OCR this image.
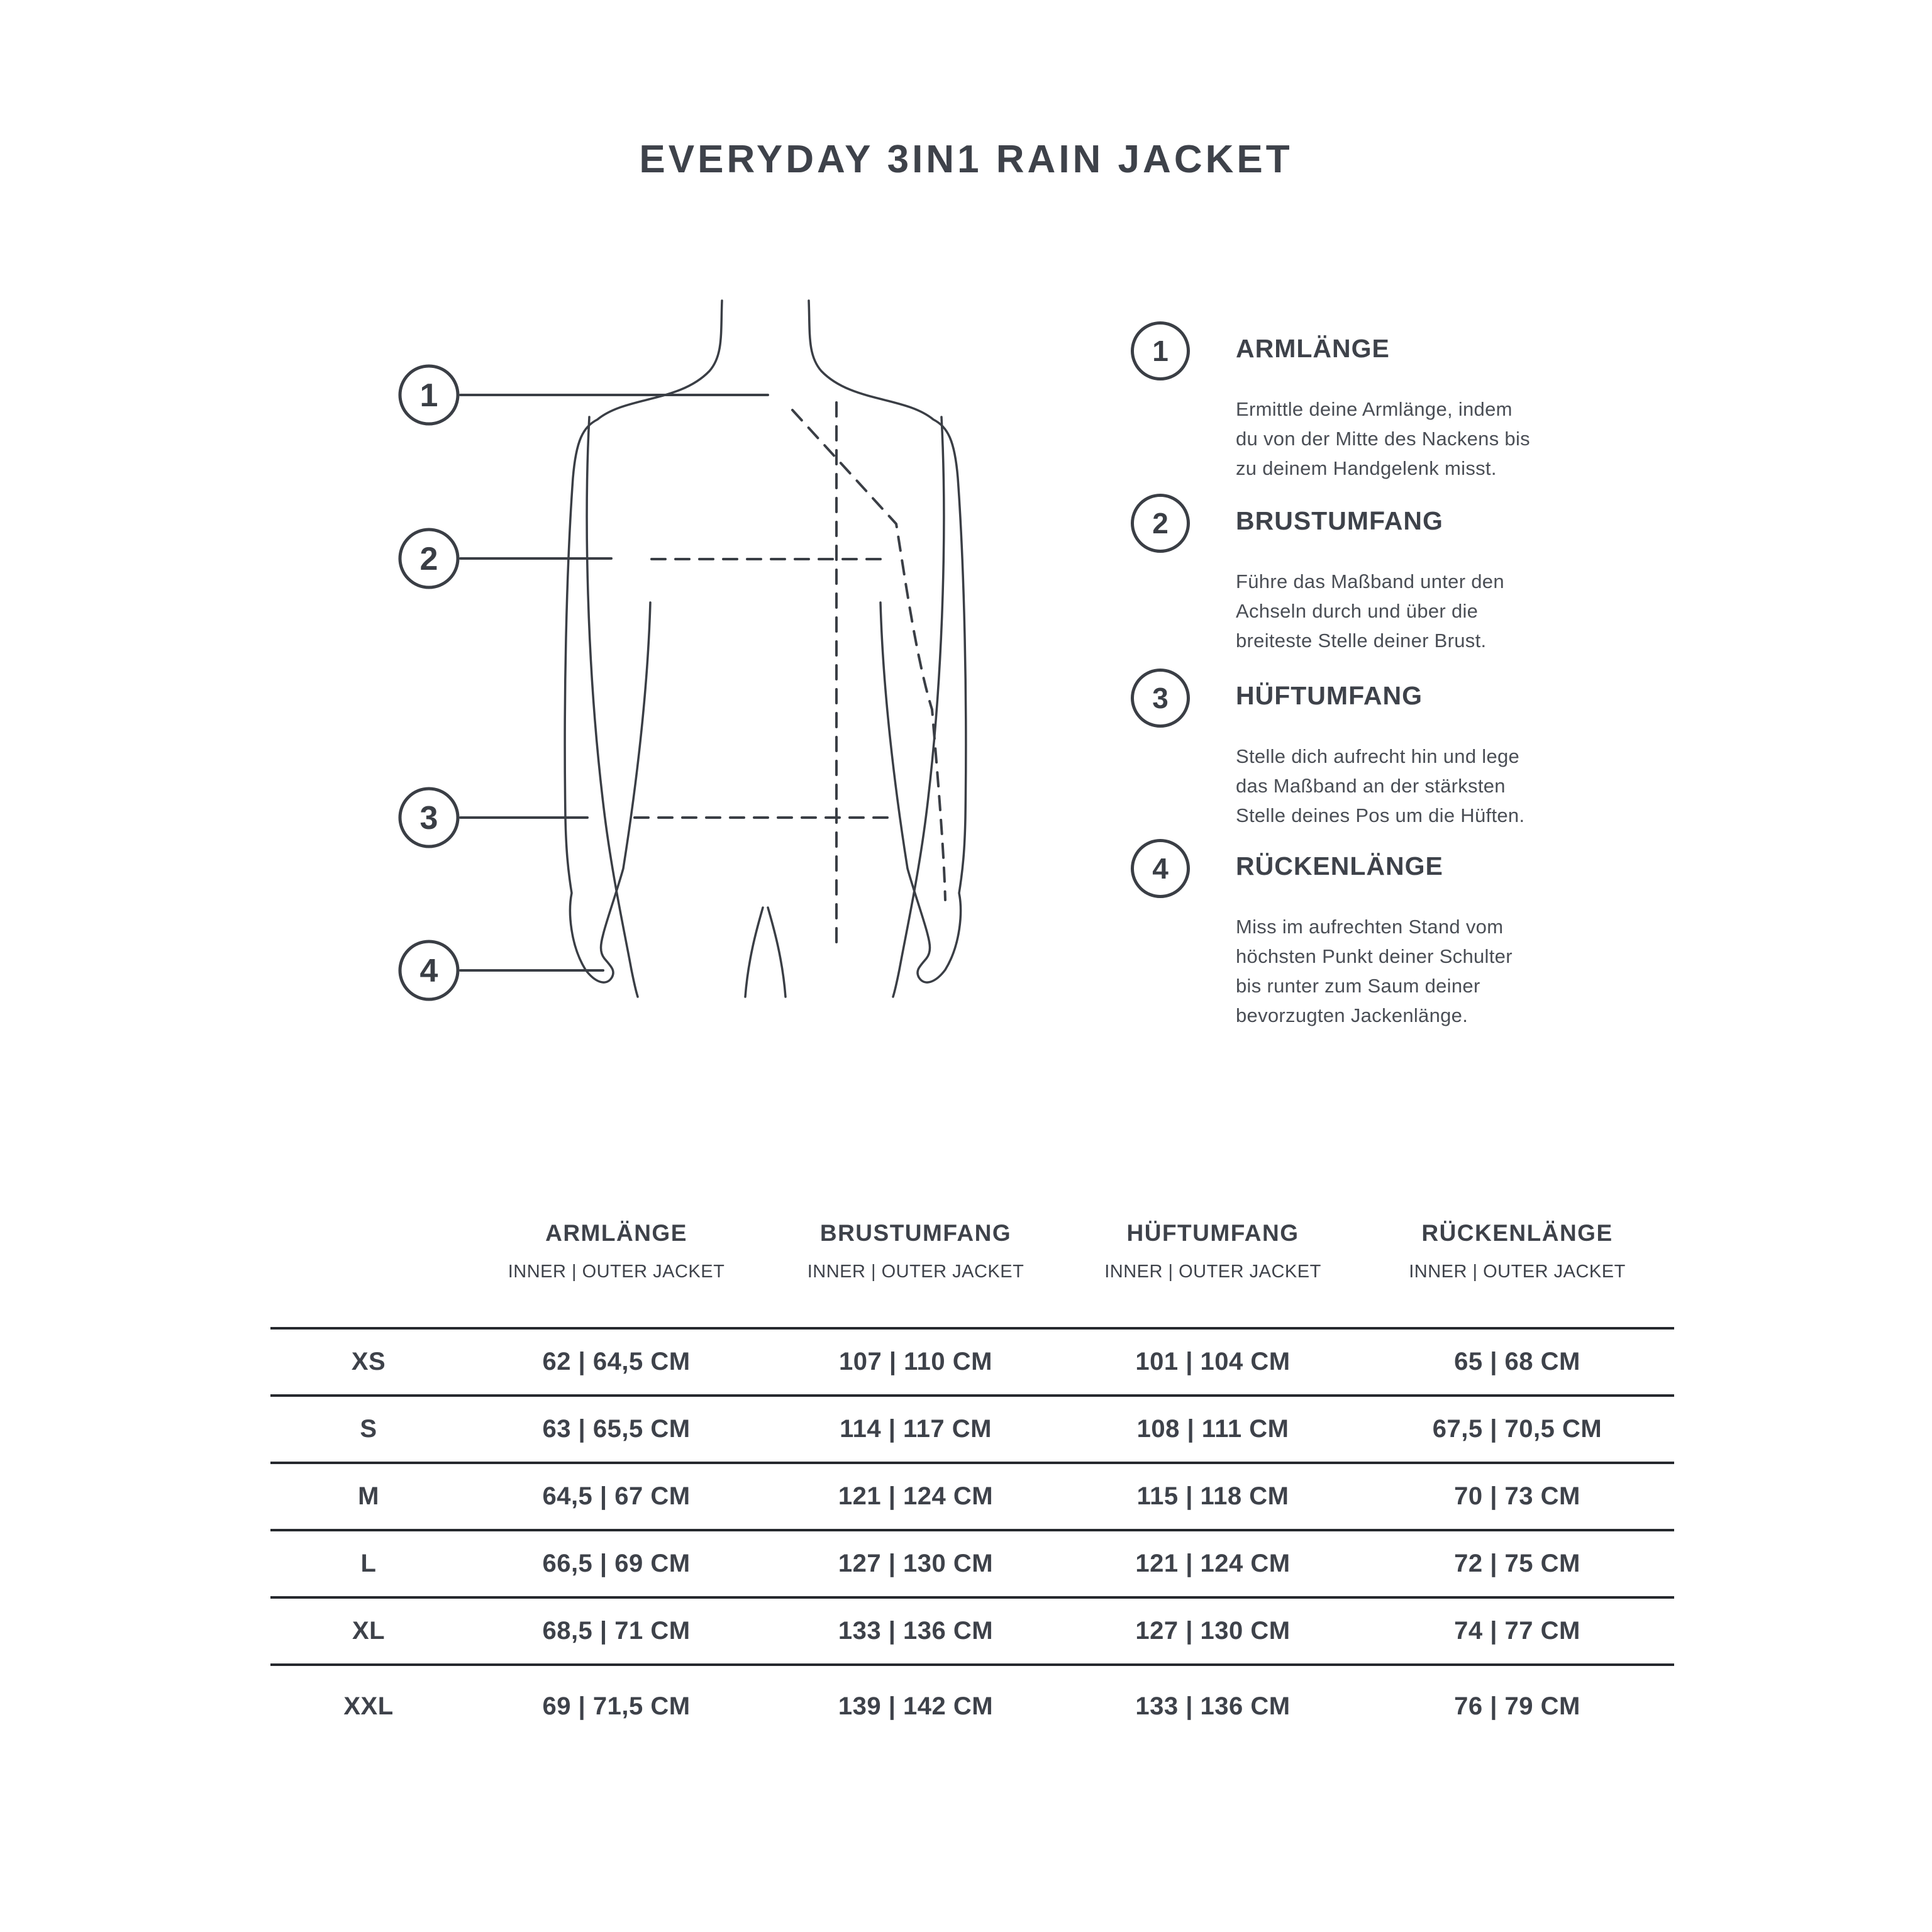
EVERYDAY 3IN1 RAIN JACKET
1
2
3
4
1	ARMLÄNGE
Ermittle deine Armlänge, indem
du von der Mitte des Nackens bis
zu deinem Handgelenk misst.
2	BRUSTUMFANG
Führe das Maßband unter den
Achseln durch und über die
breiteste Stelle deiner Brust.
3	HÜFTUMFANG
Stelle dich aufrecht hin und lege
das Maßband an der stärksten
Stelle deines Pos um die Hüften.
4	RÜCKENLÄNGE
Miss im aufrechten Stand vom
höchsten Punkt deiner Schulter
bis runter zum Saum deiner
bevorzugten Jackenlänge.
ARMLÄNGE	BRUSTUMFANG	HÜFTUMFANG	RÜCKENLÄNGE
INNER | OUTER JACKET	INNER | OUTER JACKET	INNER | OUTER JACKET	INNER | OUTER JACKET
XS	62 | 64,5 CM	107 | 110 CM	101 | 104 CM	65 | 68 CM
S	63 | 65,5 CM	114 | 117 CM	108 | 111 CM	67,5 | 70,5 CM
M	64,5 | 67 CM	121 | 124 CM	115 | 118 CM	70 | 73 CM
L	66,5 | 69 CM	127 | 130 CM	121 | 124 CM	72 | 75 CM
XL	68,5 | 71 CM	133 | 136 CM	127 | 130 CM	74 | 77 CM
XXL	69 | 71,5 CM	139 | 142 CM	133 | 136 CM	76 | 79 CM
